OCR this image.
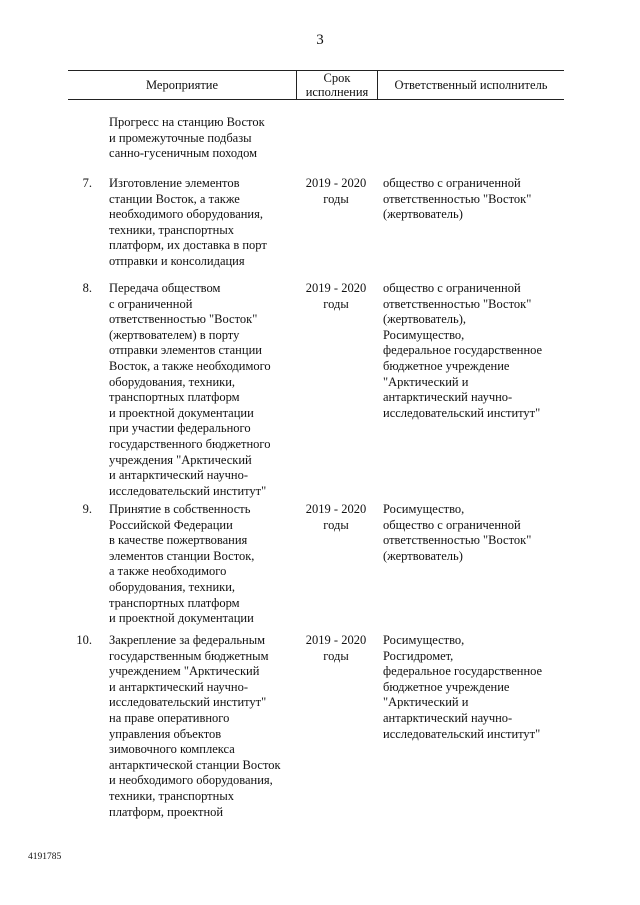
3
Мероприятие	Срок
исполнения	Ответственный исполнитель
Прогресс на станцию Восток
и промежуточные подбазы
санно-гусеничным походом
7. Изготовление элементов
станции Восток, а также
необходимого оборудования,
техники, транспортных
платформ, их доставка в порт
отправки и консолидация
2019 - 2020
годы
общество с ограниченной
ответственностью "Восток"
(жертвователь)
8. Передача обществом
с ограниченной
ответственностью "Восток"
(жертвователем) в порту
отправки элементов станции
Восток, а также необходимого
оборудования, техники,
транспортных платформ
и проектной документации
при участии федерального
государственного бюджетного
учреждения "Арктический
и антарктический научно-
исследовательский институт"
2019 - 2020
годы
общество с ограниченной
ответственностью "Восток"
(жертвователь),
Росимущество,
федеральное государственное
бюджетное учреждение
"Арктический и
антарктический научно-
исследовательский институт"
9. Принятие в собственность
Российской Федерации
в качестве пожертвования
элементов станции Восток,
а также необходимого
оборудования, техники,
транспортных платформ
и проектной документации
2019 - 2020
годы
Росимущество,
общество с ограниченной
ответственностью "Восток"
(жертвователь)
10. Закрепление за федеральным
государственным бюджетным
учреждением "Арктический
и антарктический научно-
исследовательский институт"
на праве оперативного
управления объектов
зимовочного комплекса
антарктической станции Восток
и необходимого оборудования,
техники, транспортных
платформ, проектной
2019 - 2020
годы
Росимущество,
Росгидромет,
федеральное государственное
бюджетное учреждение
"Арктический и
антарктический научно-
исследовательский институт"
4191785
